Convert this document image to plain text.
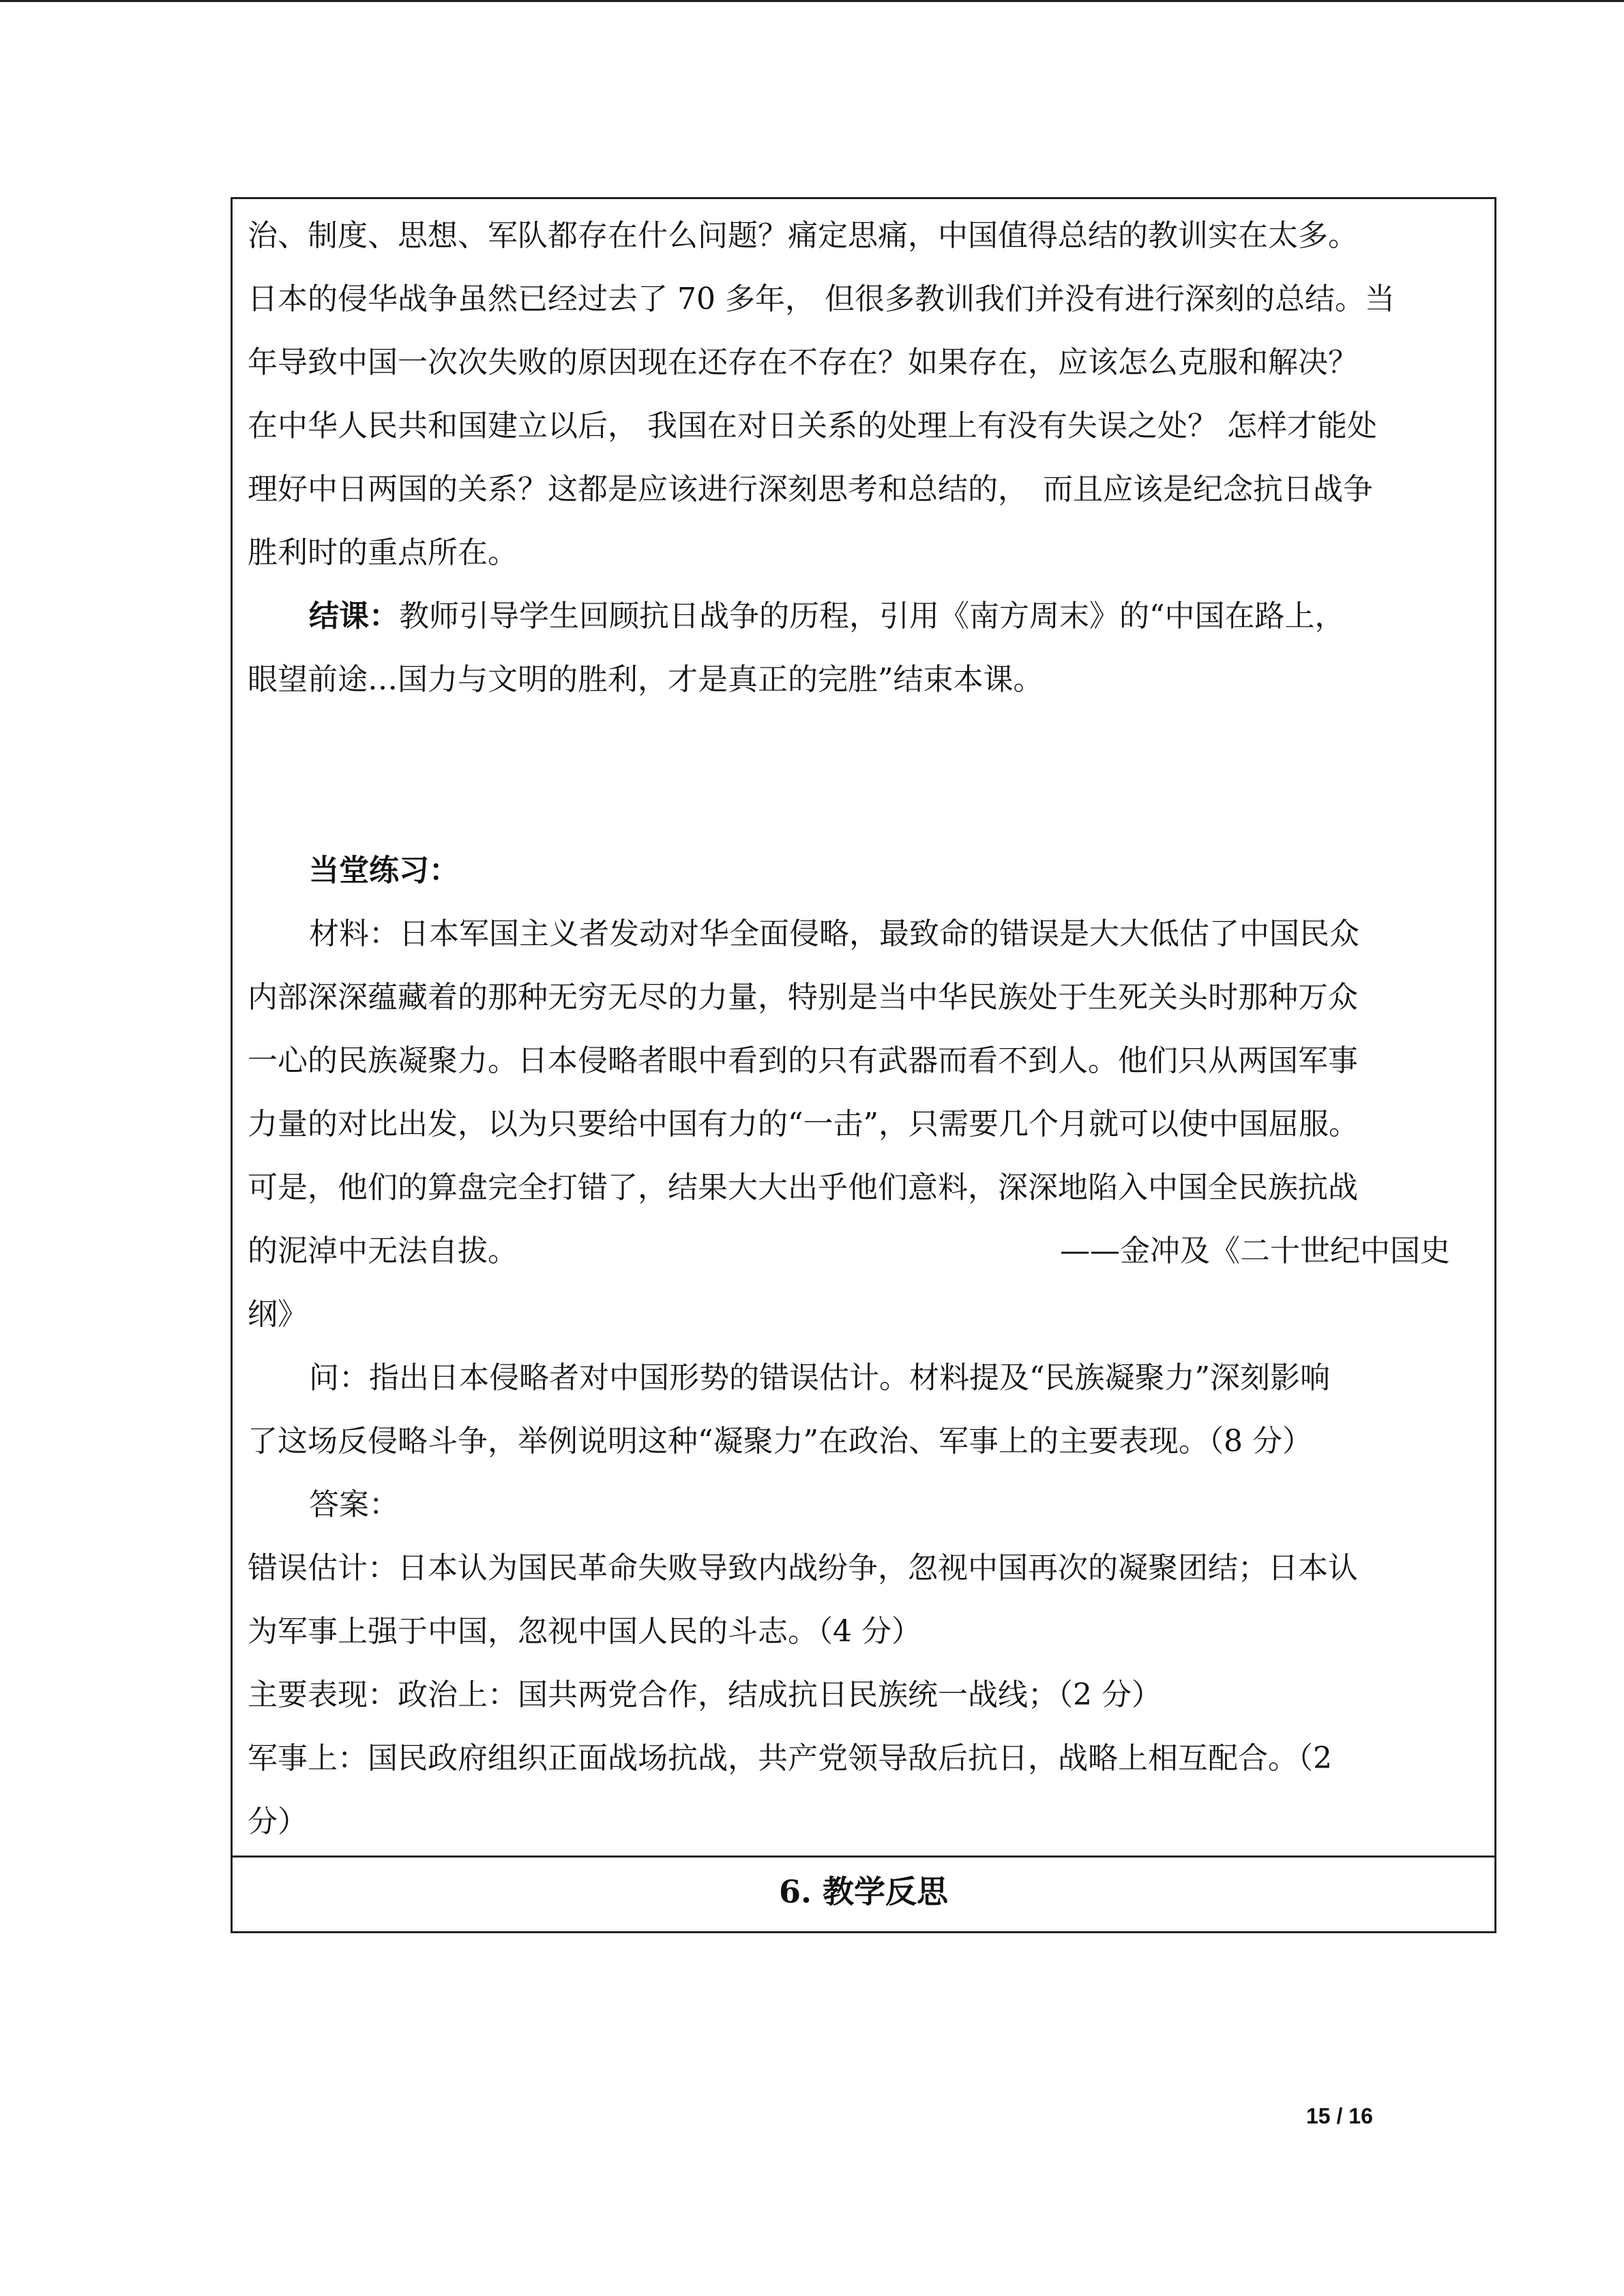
治、制度、思想、军队都存在什么问题？痛定思痛，中国值得总结的教训实在太多。
日本的侵华战争虽然已经过去了 70 多年， 但很多教训我们并没有进行深刻的总结。当
年导致中国一次次失败的原因现在还存在不存在？如果存在，应该怎么克服和解决？
在中华人民共和国建立以后， 我国在对日关系的处理上有没有失误之处？ 怎样才能处
理好中日两国的关系？这都是应该进行深刻思考和总结的，　而且应该是纪念抗日战争
胜利时的重点所在。
结课：教师引导学生回顾抗日战争的历程，引用《南方周末》的“中国在路上，
眼望前途…国力与文明的胜利，才是真正的完胜”结束本课。
当堂练习：
材料：日本军国主义者发动对华全面侵略，最致命的错误是大大低估了中国民众
内部深深蕴藏着的那种无穷无尽的力量，特别是当中华民族处于生死关头时那种万众
一心的民族凝聚力。日本侵略者眼中看到的只有武器而看不到人。他们只从两国军事
力量的对比出发，以为只要给中国有力的“一击”，只需要几个月就可以使中国屈服。
可是，他们的算盘完全打错了，结果大大出乎他们意料，深深地陷入中国全民族抗战
的泥淖中无法自拔。	——金冲及《二十世纪中国史
纲》
问：指出日本侵略者对中国形势的错误估计。材料提及“民族凝聚力”深刻影响
了这场反侵略斗争，举例说明这种“凝聚力”在政治、军事上的主要表现。（8 分）
答案：
错误估计：日本认为国民革命失败导致内战纷争，忽视中国再次的凝聚团结；日本认
为军事上强于中国，忽视中国人民的斗志。（4 分）
主要表现：政治上：国共两党合作，结成抗日民族统一战线；（2 分）
军事上：国民政府组织正面战场抗战，共产党领导敌后抗日，战略上相互配合。（2
分）
6. 教学反思
15 / 16
